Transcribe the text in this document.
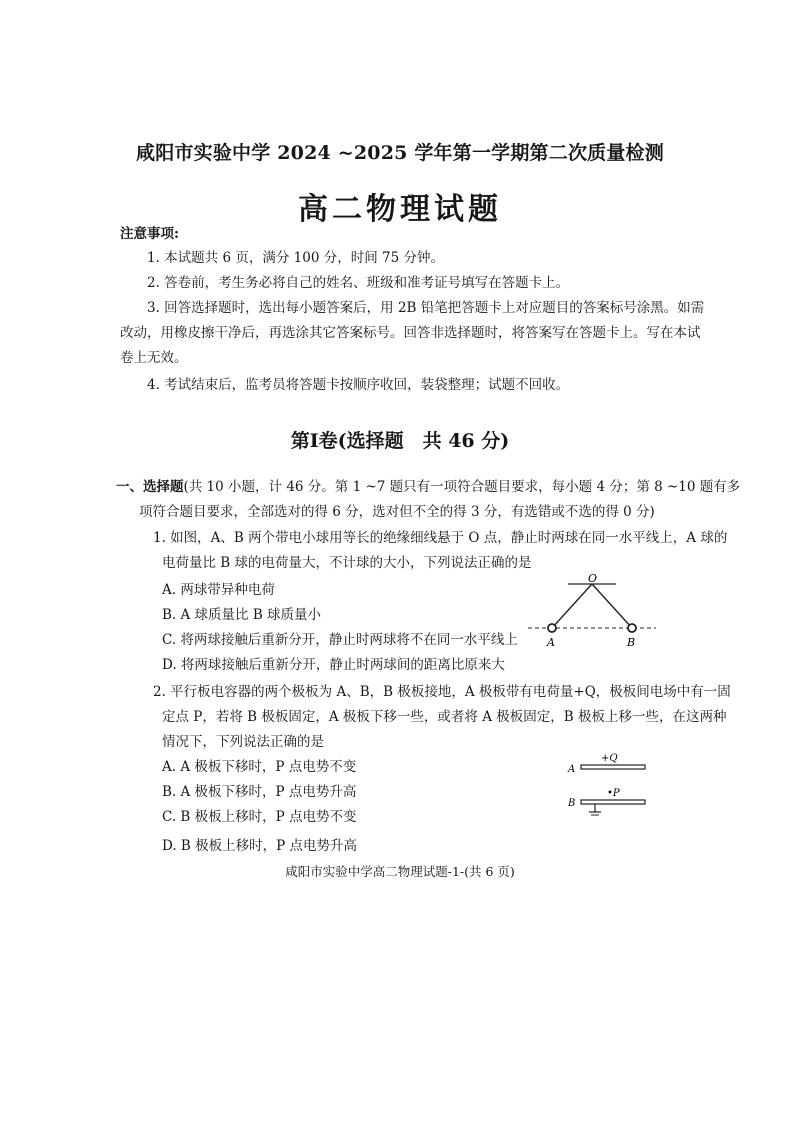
咸阳市实验中学 2024 ~2025 学年第一学期第二次质量检测
高二物理试题
注意事项:
1. 本试题共 6 页，满分 100 分，时间 75 分钟。
2. 答卷前，考生务必将自己的姓名、班级和准考证号填写在答题卡上。
3. 回答选择题时，选出每小题答案后，用 2B 铅笔把答题卡上对应题目的答案标号涂黑。如需
改动，用橡皮擦干净后，再选涂其它答案标号。回答非选择题时，将答案写在答题卡上。写在本试
卷上无效。
4. 考试结束后，监考员将答题卡按顺序收回，装袋整理；试题不回收。
第Ⅰ卷(选择题　共 46 分)
一、选择题(共 10 小题，计 46 分。第 1 ~7 题只有一项符合题目要求，每小题 4 分；第 8 ~10 题有多
项符合题目要求，全部选对的得 6 分，选对但不全的得 3 分，有选错或不选的得 0 分)
1. 如图，A、B 两个带电小球用等长的绝缘细线悬于 O 点，静止时两球在同一水平线上，A 球的
电荷量比 B 球的电荷量大，不计球的大小，下列说法正确的是
A. 两球带异种电荷
B. A 球质量比 B 球质量小
C. 将两球接触后重新分开，静止时两球将不在同一水平线上
D. 将两球接触后重新分开，静止时两球间的距离比原来大
O
A	B
2. 平行板电容器的两个极板为 A、B，B 极板接地，A 极板带有电荷量+Q，极板间电场中有一固
定点 P，若将 B 极板固定，A 极板下移一些，或者将 A 极板固定，B 极板上移一些，在这两种
情况下，下列说法正确的是
A. A 极板下移时，P 点电势不变
B. A 极板下移时，P 点电势升高
C. B 极板上移时，P 点电势不变
D. B 极板上移时，P 点电势升高
+Q
A
•P
B
咸阳市实验中学高二物理试题-1-(共 6 页)
